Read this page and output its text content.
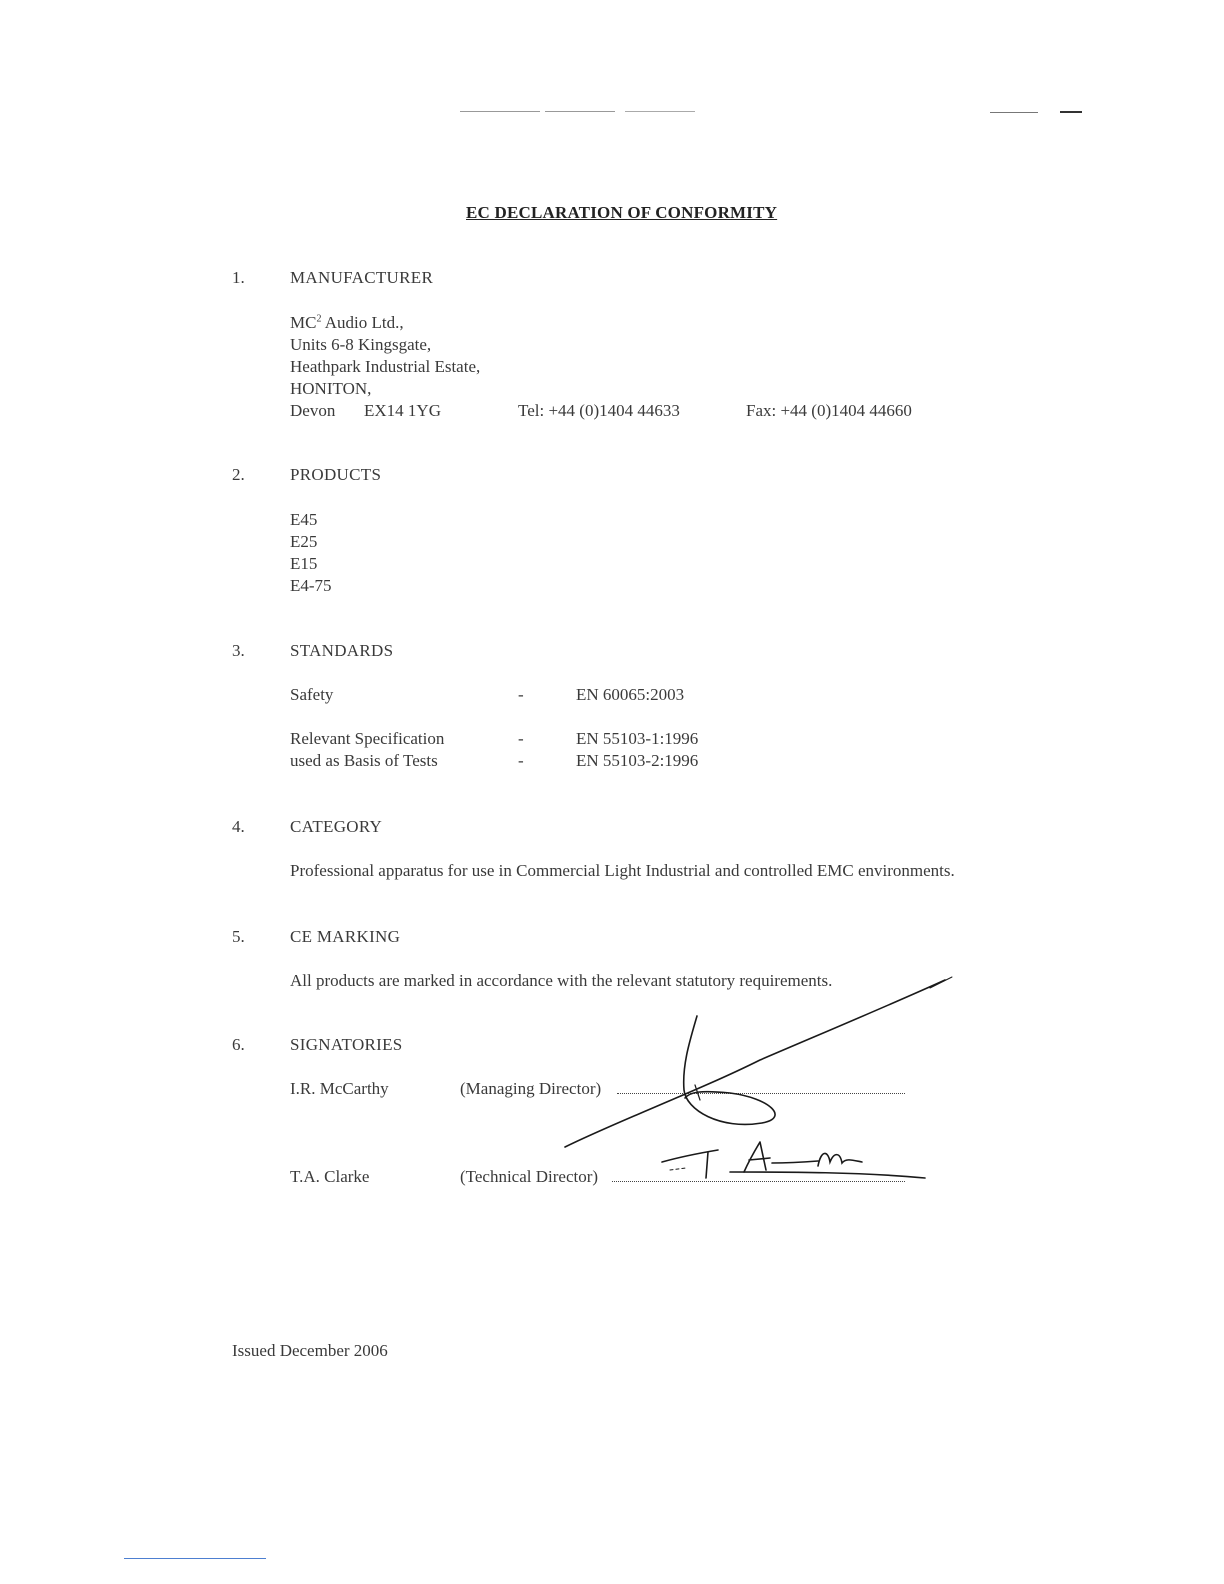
EC DECLARATION OF CONFORMITY
1.	MANUFACTURER
$MC^2$ Audio Ltd.,
Units 6-8 Kingsgate,
Heathpark Industrial Estate,
HONITON,
Devon EX14 1YG	Tel: +44 (0)1404 44633	Fax: +44 (0)1404 44660
2.	PRODUCTS
E45
E25
E15
E4-75
3.	STANDARDS
Safety	-	EN 60065:2003
Relevant Specification	-	EN 55103-1:1996
used as Basis of Tests	-	EN 55103-2:1996
4.	CATEGORY
Professional apparatus for use in Commercial Light Industrial and controlled EMC environments.
5.	CE MARKING
All products are marked in accordance with the relevant statutory requirements.
6.	SIGNATORIES
I.R. McCarthy	(Managing Director)
T.A. Clarke	(Technical Director)
Issued December 2006
